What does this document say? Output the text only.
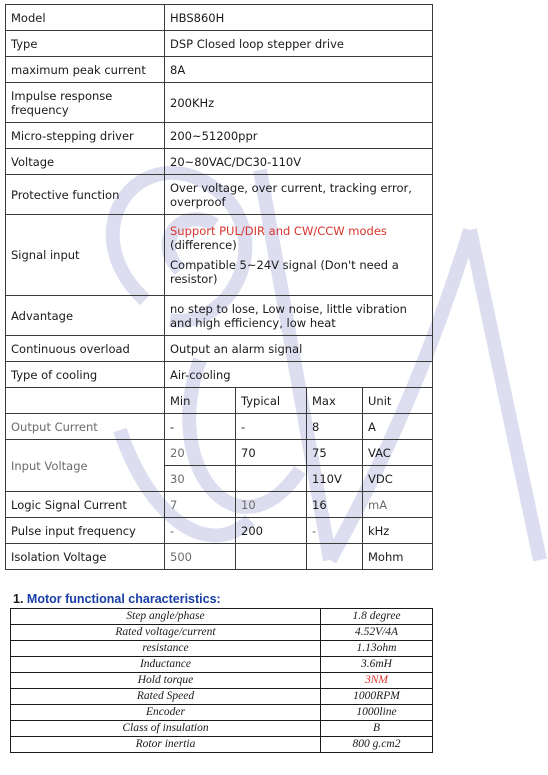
Model	HBS860H			
Type	DSP Closed loop stepper drive			
maximum peak current	8A			
Impulse response frequency	200KHz			
Micro-stepping driver	200~51200ppr			
Voltage	20~80VAC/DC30-110V			
Protective function	Over voltage, over current, tracking error, overproof			
Signal input	Support PUL/DIR and CW/CCW modes (difference)

Compatible 5~24V signal (Don't need a resistor)			

Advantage	no step to lose, Low noise, little vibration and high efficiency, low heat			
Continuous overload	Output an alarm signal			
Type of cooling	Air-cooling			
	Min	Typical	Max	Unit
Output Current	-	-	8	A
Input Voltage	20	70	75	VAC
	30		110V	VDC
Logic Signal Current	7	10	16	mA
Pulse input frequency	-	200	-	kHz
Isolation Voltage	500			Mohm
1. Motor functional characteristics:
Step angle/phase	1.8 degree
Rated voltage/current	4.52V/4A
resistance	1.13ohm
Inductance	3.6mH
Hold torque	3NM
Rated Speed	1000RPM
Encoder	1000line
Class of insulation	B
Rotor inertia	800 g.cm2
